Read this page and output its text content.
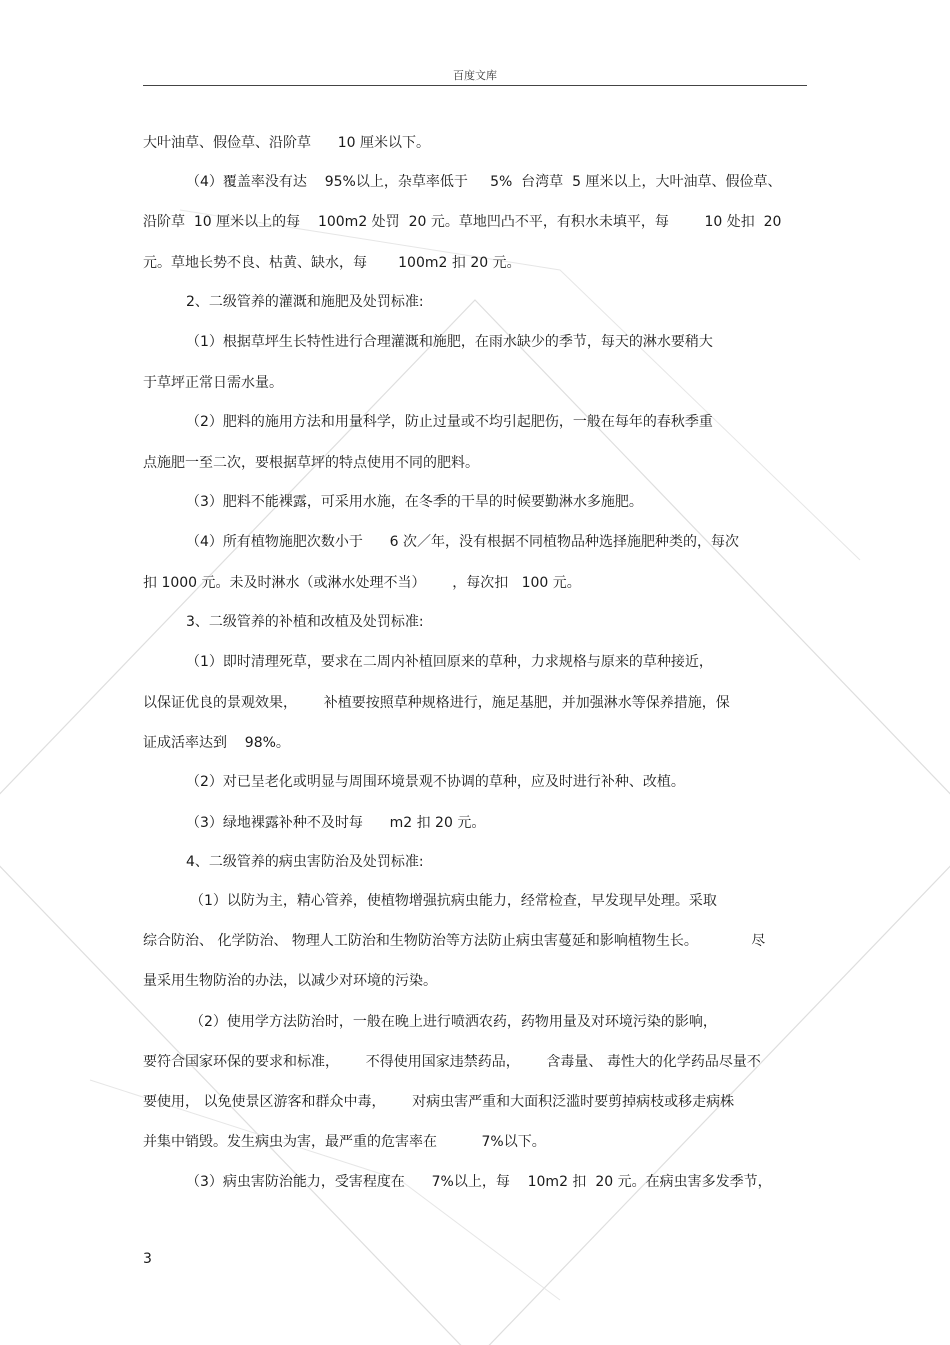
百度文库
大叶油草、假俭草、沿阶草      10 厘米以下。
（4）覆盖率没有达    95%以上，杂草率低于     5%  台湾草  5 厘米以上，大叶油草、假俭草、
沿阶草  10 厘米以上的每    100m2 处罚  20 元。草地凹凸不平，有积水未填平，每        10 处扣  20
元。草地长势不良、枯黄、缺水，每       100m2 扣 20 元。
2、二级管养的灌溉和施肥及处罚标准:
（1）根据草坪生长特性进行合理灌溉和施肥，在雨水缺少的季节，每天的淋水要稍大
于草坪正常日需水量。
（2）肥料的施用方法和用量科学，防止过量或不均引起肥伤，一般在每年的春秋季重
点施肥一至二次，要根据草坪的特点使用不同的肥料。
（3）肥料不能裸露，可采用水施，在冬季的干旱的时候要勤淋水多施肥。
（4）所有植物施肥次数小于      6 次／年，没有根据不同植物品种选择施肥种类的，每次
扣 1000 元。未及时淋水（或淋水处理不当）      ，每次扣   100 元。
3、二级管养的补植和改植及处罚标准:
（1）即时清理死草，要求在二周内补植回原来的草种，力求规格与原来的草种接近，
以保证优良的景观效果，      补植要按照草种规格进行，施足基肥，并加强淋水等保养措施，保
证成活率达到    98%。
（2）对已呈老化或明显与周围环境景观不协调的草种，应及时进行补种、改植。
（3）绿地裸露补种不及时每      m2 扣 20 元。
4、二级管养的病虫害防治及处罚标准:
（1）以防为主，精心管养，使植物增强抗病虫能力，经常检查，早发现早处理。采取
综合防治、 化学防治、 物理人工防治和生物防治等方法防止病虫害蔓延和影响植物生长。            尽
量采用生物防治的办法，以减少对环境的污染。
（2）使用学方法防治时，一般在晚上进行喷洒农药，药物用量及对环境污染的影响，
要符合国家环保的要求和标准，      不得使用国家违禁药品，      含毒量、 毒性大的化学药品尽量不
要使用， 以免使景区游客和群众中毒，      对病虫害严重和大面积泛滥时要剪掉病枝或移走病株
并集中销毁。发生病虫为害，最严重的危害率在          7%以下。
（3）病虫害防治能力，受害程度在      7%以上，每    10m2 扣  20 元。在病虫害多发季节，
3
